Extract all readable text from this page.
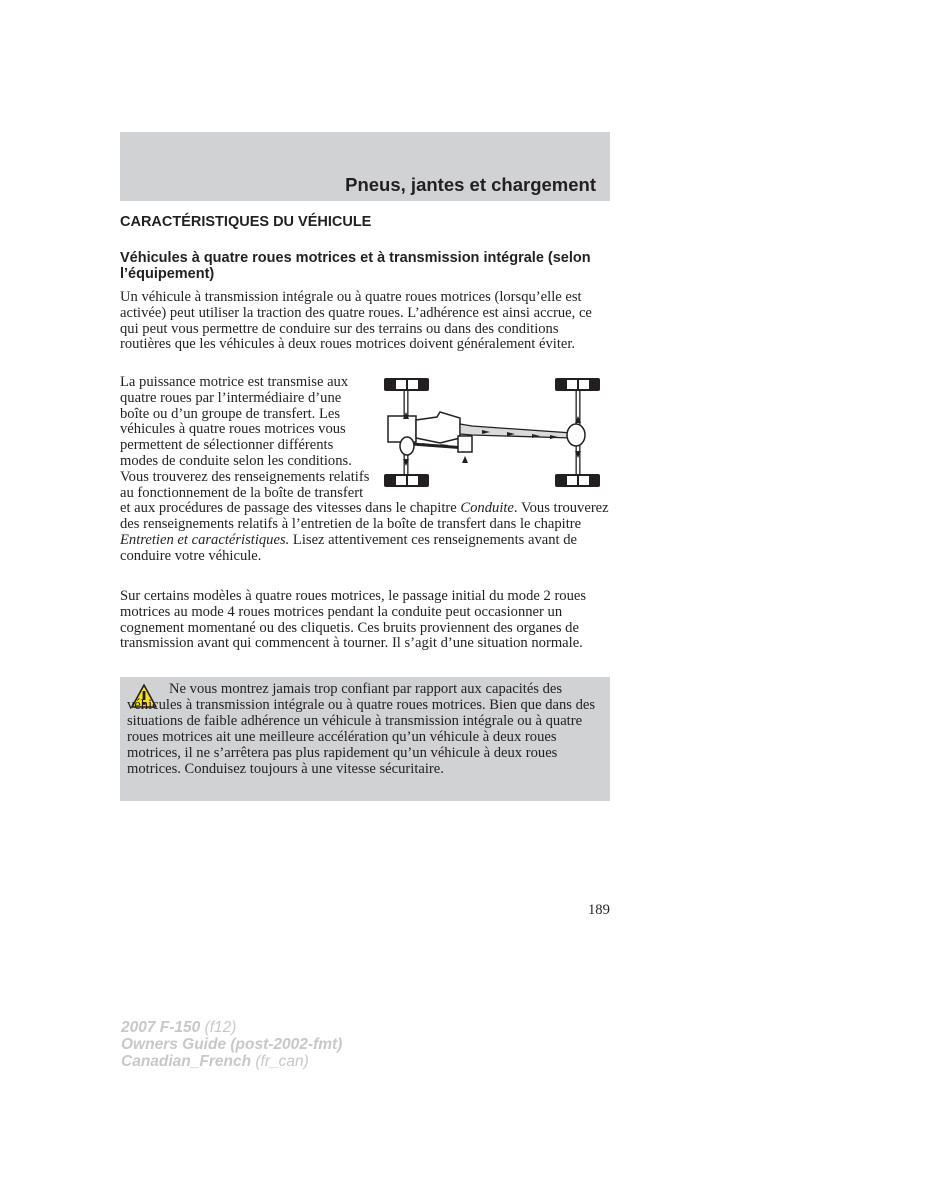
Pneus, jantes et chargement
CARACTÉRISTIQUES DU VÉHICULE
Véhicules à quatre roues motrices et à transmission intégrale (selon l’équipement)

Un véhicule à transmission intégrale ou à quatre roues motrices (lorsqu’elle est activée) peut utiliser la traction des quatre roues. L’adhérence est ainsi accrue, ce qui peut vous permettre de conduire sur des terrains ou dans des conditions routières que les véhicules à deux roues motrices doivent généralement éviter.

La puissance motrice est transmise aux quatre roues par l’intermédiaire d’une boîte ou d’un groupe de transfert. Les véhicules à quatre roues motrices vous permettent de sélectionner différents modes de conduite selon les conditions. Vous trouverez des renseignements relatifs au fonctionnement de la boîte de transfert et aux procédures de passage des vitesses dans le chapitre Conduite. Vous trouverez des renseignements relatifs à l’entretien de la boîte de transfert dans le chapitre Entretien et caractéristiques. Lisez attentivement ces renseignements avant de conduire votre véhicule.

Sur certains modèles à quatre roues motrices, le passage initial du mode 2 roues motrices au mode 4 roues motrices pendant la conduite peut occasionner un cognement momentané ou des cliquetis. Ces bruits proviennent des organes de transmission avant qui commencent à tourner. Il s’agit d’une situation normale.

Ne vous montrez jamais trop confiant par rapport aux capacités des véhicules à transmission intégrale ou à quatre roues motrices. Bien que dans des situations de faible adhérence un véhicule à transmission intégrale ou à quatre roues motrices ait une meilleure accélération qu’un véhicule à deux roues motrices, il ne s’arrêtera pas plus rapidement qu’un véhicule à deux roues motrices. Conduisez toujours à une vitesse sécuritaire.

189
2007 F-150 (f12)
Owners Guide (post-2002-fmt)
Canadian_French (fr_can)
